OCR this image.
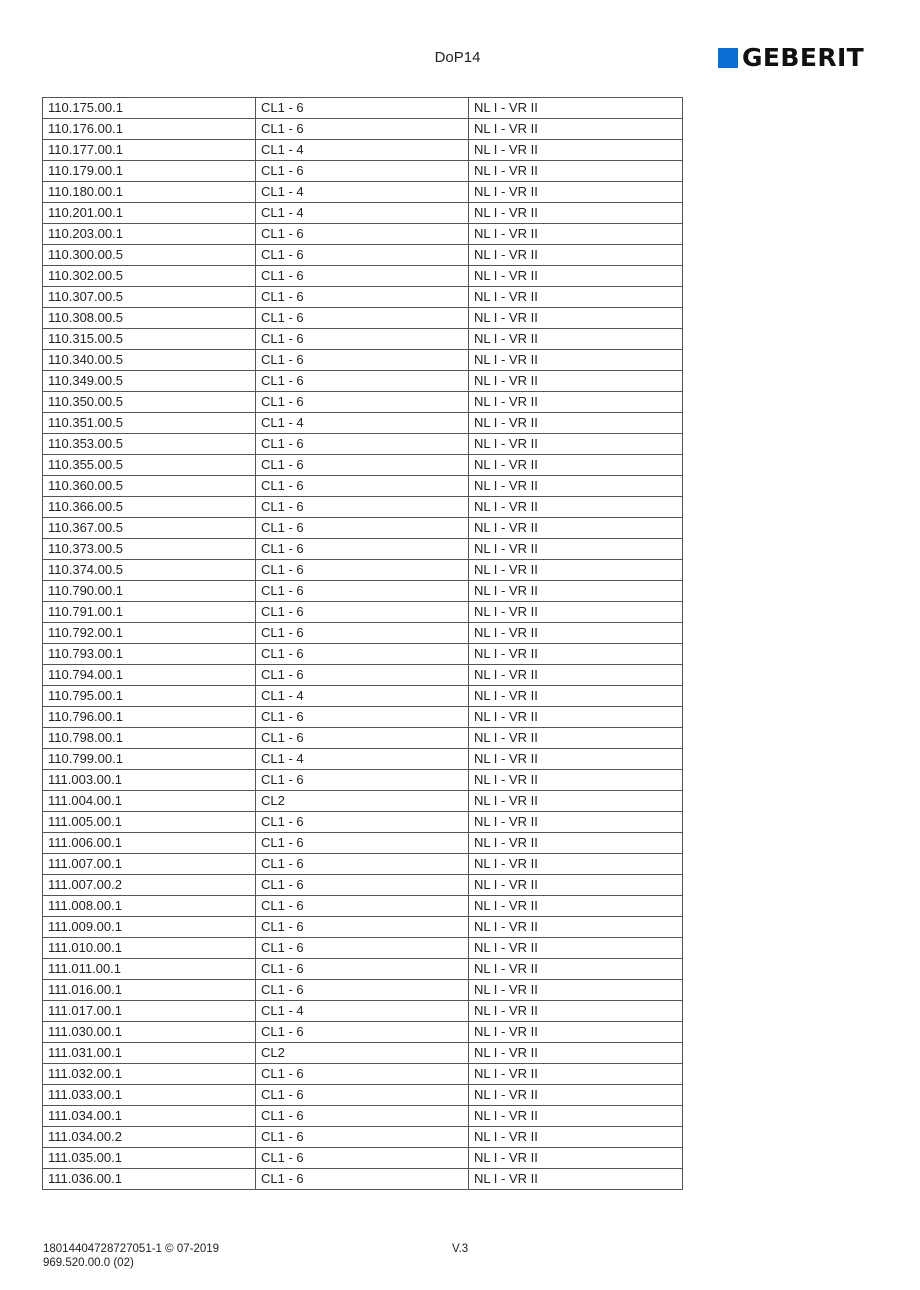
DoP14	GEBERIT
110.175.00.1	CL1 - 6	NL I - VR II
110.176.00.1	CL1 - 6	NL I - VR II
110.177.00.1	CL1 - 4	NL I - VR II
110.179.00.1	CL1 - 6	NL I - VR II
110.180.00.1	CL1 - 4	NL I - VR II
110.201.00.1	CL1 - 4	NL I - VR II
110.203.00.1	CL1 - 6	NL I - VR II
110.300.00.5	CL1 - 6	NL I - VR II
110.302.00.5	CL1 - 6	NL I - VR II
110.307.00.5	CL1 - 6	NL I - VR II
110.308.00.5	CL1 - 6	NL I - VR II
110.315.00.5	CL1 - 6	NL I - VR II
110.340.00.5	CL1 - 6	NL I - VR II
110.349.00.5	CL1 - 6	NL I - VR II
110.350.00.5	CL1 - 6	NL I - VR II
110.351.00.5	CL1 - 4	NL I - VR II
110.353.00.5	CL1 - 6	NL I - VR II
110.355.00.5	CL1 - 6	NL I - VR II
110.360.00.5	CL1 - 6	NL I - VR II
110.366.00.5	CL1 - 6	NL I - VR II
110.367.00.5	CL1 - 6	NL I - VR II
110.373.00.5	CL1 - 6	NL I - VR II
110.374.00.5	CL1 - 6	NL I - VR II
110.790.00.1	CL1 - 6	NL I - VR II
110.791.00.1	CL1 - 6	NL I - VR II
110.792.00.1	CL1 - 6	NL I - VR II
110.793.00.1	CL1 - 6	NL I - VR II
110.794.00.1	CL1 - 6	NL I - VR II
110.795.00.1	CL1 - 4	NL I - VR II
110.796.00.1	CL1 - 6	NL I - VR II
110.798.00.1	CL1 - 6	NL I - VR II
110.799.00.1	CL1 - 4	NL I - VR II
111.003.00.1	CL1 - 6	NL I - VR II
111.004.00.1	CL2	NL I - VR II
111.005.00.1	CL1 - 6	NL I - VR II
111.006.00.1	CL1 - 6	NL I - VR II
111.007.00.1	CL1 - 6	NL I - VR II
111.007.00.2	CL1 - 6	NL I - VR II
111.008.00.1	CL1 - 6	NL I - VR II
111.009.00.1	CL1 - 6	NL I - VR II
111.010.00.1	CL1 - 6	NL I - VR II
111.011.00.1	CL1 - 6	NL I - VR II
111.016.00.1	CL1 - 6	NL I - VR II
111.017.00.1	CL1 - 4	NL I - VR II
111.030.00.1	CL1 - 6	NL I - VR II
111.031.00.1	CL2	NL I - VR II
111.032.00.1	CL1 - 6	NL I - VR II
111.033.00.1	CL1 - 6	NL I - VR II
111.034.00.1	CL1 - 6	NL I - VR II
111.034.00.2	CL1 - 6	NL I - VR II
111.035.00.1	CL1 - 6	NL I - VR II
111.036.00.1	CL1 - 6	NL I - VR II
18014404728727051-1 © 07-2019
969.520.00.0 (02)
V.3
